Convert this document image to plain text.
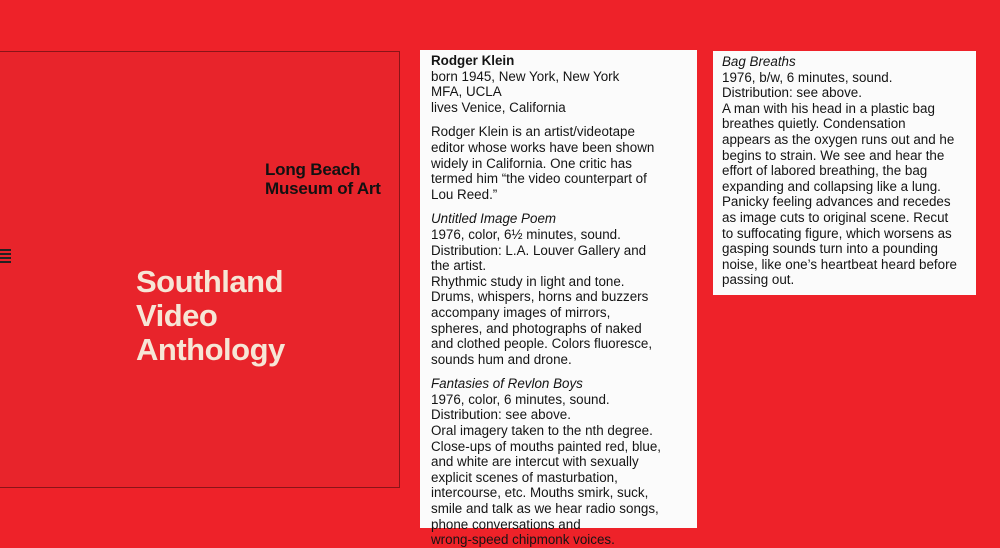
Long Beach
Museum of Art
Southland
Video
Anthology

Rodger Klein

born 1945, New York, New York

MFA, UCLA

lives Venice, California

Rodger Klein is an artist/videotape

editor whose works have been shown

widely in California. One critic has

termed him “the video counterpart of

Lou Reed.”

Untitled Image Poem

1976, color, 6½ minutes, sound.

Distribution: L.A. Louver Gallery and

the artist.

Rhythmic study in light and tone.

Drums, whispers, horns and buzzers

accompany images of mirrors,

spheres, and photographs of naked

and clothed people. Colors fluoresce,

sounds hum and drone.

Fantasies of Revlon Boys

1976, color, 6 minutes, sound.

Distribution: see above.

Oral imagery taken to the nth degree.

Close-ups of mouths painted red, blue,

and white are intercut with sexually

explicit scenes of masturbation,

intercourse, etc. Mouths smirk, suck,

smile and talk as we hear radio songs,

phone conversations and

wrong-speed chipmonk voices.

Bag Breaths

1976, b/w, 6 minutes, sound.

Distribution: see above.

A man with his head in a plastic bag

breathes quietly. Condensation

appears as the oxygen runs out and he

begins to strain. We see and hear the

effort of labored breathing, the bag

expanding and collapsing like a lung.

Panicky feeling advances and recedes

as image cuts to original scene. Recut

to suffocating figure, which worsens as

gasping sounds turn into a pounding

noise, like one’s heartbeat heard before

passing out.
